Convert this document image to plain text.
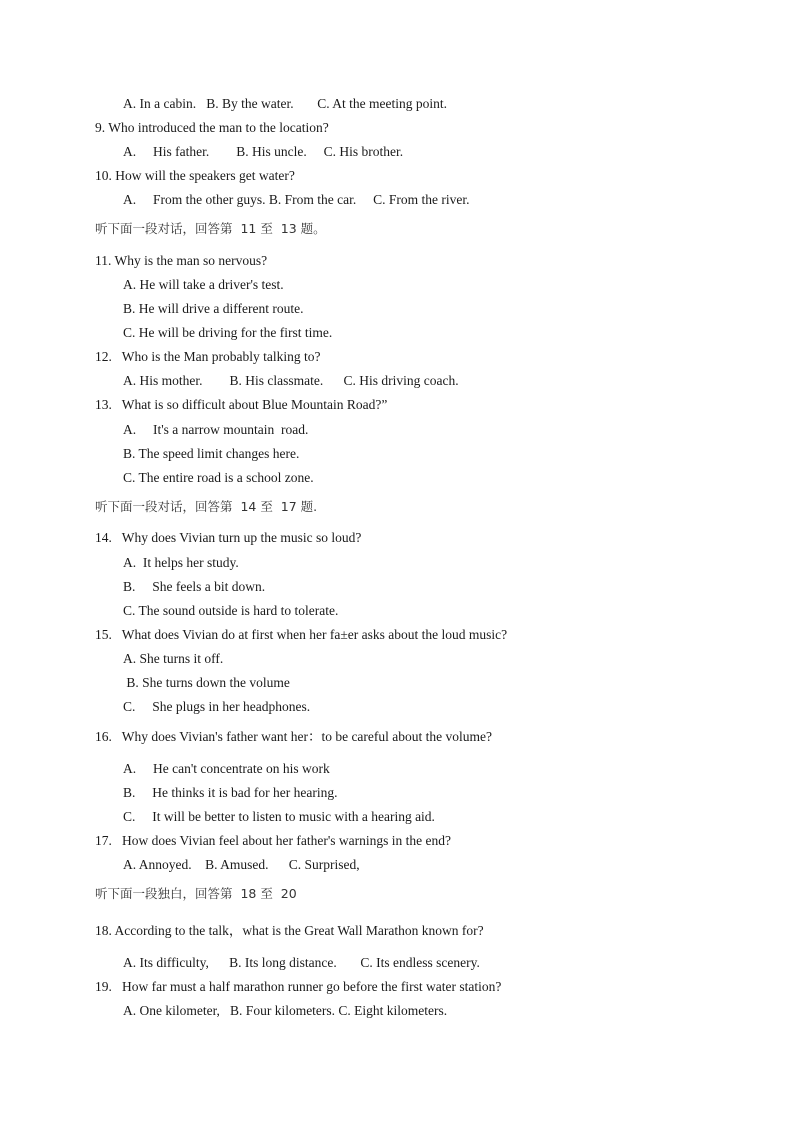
A. In a cabin.   B. By the water.       C. At the meeting point.
9. Who introduced the man to the location?
A.     His father.        B. His uncle.     C. His brother.
10. How will the speakers get water?
A.     From the other guys. B. From the car.     C. From the river.
听下面一段对话，回答第  11 至  13 题。
11. Why is the man so nervous?
A. He will take a driver's test.
B. He will drive a different route.
C. He will be driving for the first time.
12.   Who is the Man probably talking to?
A. His mother.        B. His classmate.      C. His driving coach.
13.   What is so difficult about Blue Mountain Road?”
A.     It's a narrow mountain  road.
B. The speed limit changes here.
C. The entire road is a school zone.
听下面一段对话，回答第  14 至  17 题.
14.   Why does Vivian turn up the music so loud?
A.  It helps her study.
B.     She feels a bit down.
C. The sound outside is hard to tolerate.
15.   What does Vivian do at first when her fa±er asks about the loud music?
A. She turns it off.
B. She turns down the volume
C.     She plugs in her headphones.
16.   Why does Vivian's father want her：to be careful about the volume?
A.     He can't concentrate on his work
B.     He thinks it is bad for her hearing.
C.     It will be better to listen to music with a hearing aid.
17.   How does Vivian feel about her father's warnings in the end?
A. Annoyed.    B. Amused.      C. Surprised,
听下面一段独白，回答第  18 至  20
18. According to the talk，what is the Great Wall Marathon known for?
A. Its difficulty,      B. Its long distance.       C. Its endless scenery.
19.   How far must a half marathon runner go before the first water station?
A. One kilometer,   B. Four kilometers. C. Eight kilometers.
